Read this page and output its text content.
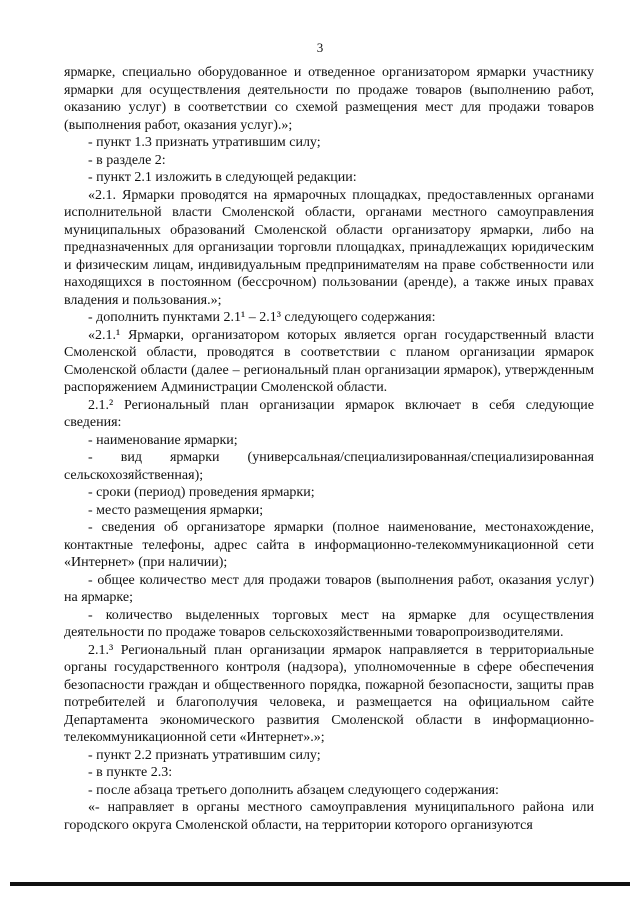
3

ярмарке, специально оборудованное и отведенное организатором ярмарки участнику ярмарки для осуществления деятельности по продаже товаров (выполнению работ, оказанию услуг) в соответствии со схемой размещения мест для продажи товаров (выполнения работ, оказания услуг).»;

- пункт 1.3 признать утратившим силу;

- в разделе 2:

- пункт 2.1 изложить в следующей редакции:

«2.1. Ярмарки проводятся на ярмарочных площадках, предоставленных органами исполнительной власти Смоленской области, органами местного самоуправления муниципальных образований Смоленской области организатору ярмарки, либо на предназначенных для организации торговли площадках, принадлежащих юридическим и физическим лицам, индивидуальным предпринимателям на праве собственности или находящихся в постоянном (бессрочном) пользовании (аренде), а также иных правах владения и пользования.»;

- дополнить пунктами 2.1¹ – 2.1³ следующего содержания:

«2.1.¹ Ярмарки, организатором которых является орган государственный власти Смоленской области, проводятся в соответствии с планом организации ярмарок Смоленской области (далее – региональный план организации ярмарок), утвержденным распоряжением Администрации Смоленской области.

2.1.² Региональный план организации ярмарок включает в себя следующие сведения:

- наименование ярмарки;

- вид ярмарки (универсальная/специализированная/специализированная сельскохозяйственная);

- сроки (период) проведения ярмарки;

- место размещения ярмарки;

- сведения об организаторе ярмарки (полное наименование, местонахождение, контактные телефоны, адрес сайта в информационно-телекоммуникационной сети «Интернет» (при наличии);

- общее количество мест для продажи товаров (выполнения работ, оказания услуг) на ярмарке;

- количество выделенных торговых мест на ярмарке для осуществления деятельности по продаже товаров сельскохозяйственными товаропроизводителями.

2.1.³ Региональный план организации ярмарок направляется в территориальные органы государственного контроля (надзора), уполномоченные в сфере обеспечения безопасности граждан и общественного порядка, пожарной безопасности, защиты прав потребителей и благополучия человека, и размещается на официальном сайте Департамента экономического развития Смоленской области в информационно-телекоммуникационной сети «Интернет».»;

- пункт 2.2 признать утратившим силу;

- в пункте 2.3:

- после абзаца третьего дополнить абзацем следующего содержания:

«- направляет в органы местного самоуправления муниципального района или городского округа Смоленской области, на территории которого организуются
